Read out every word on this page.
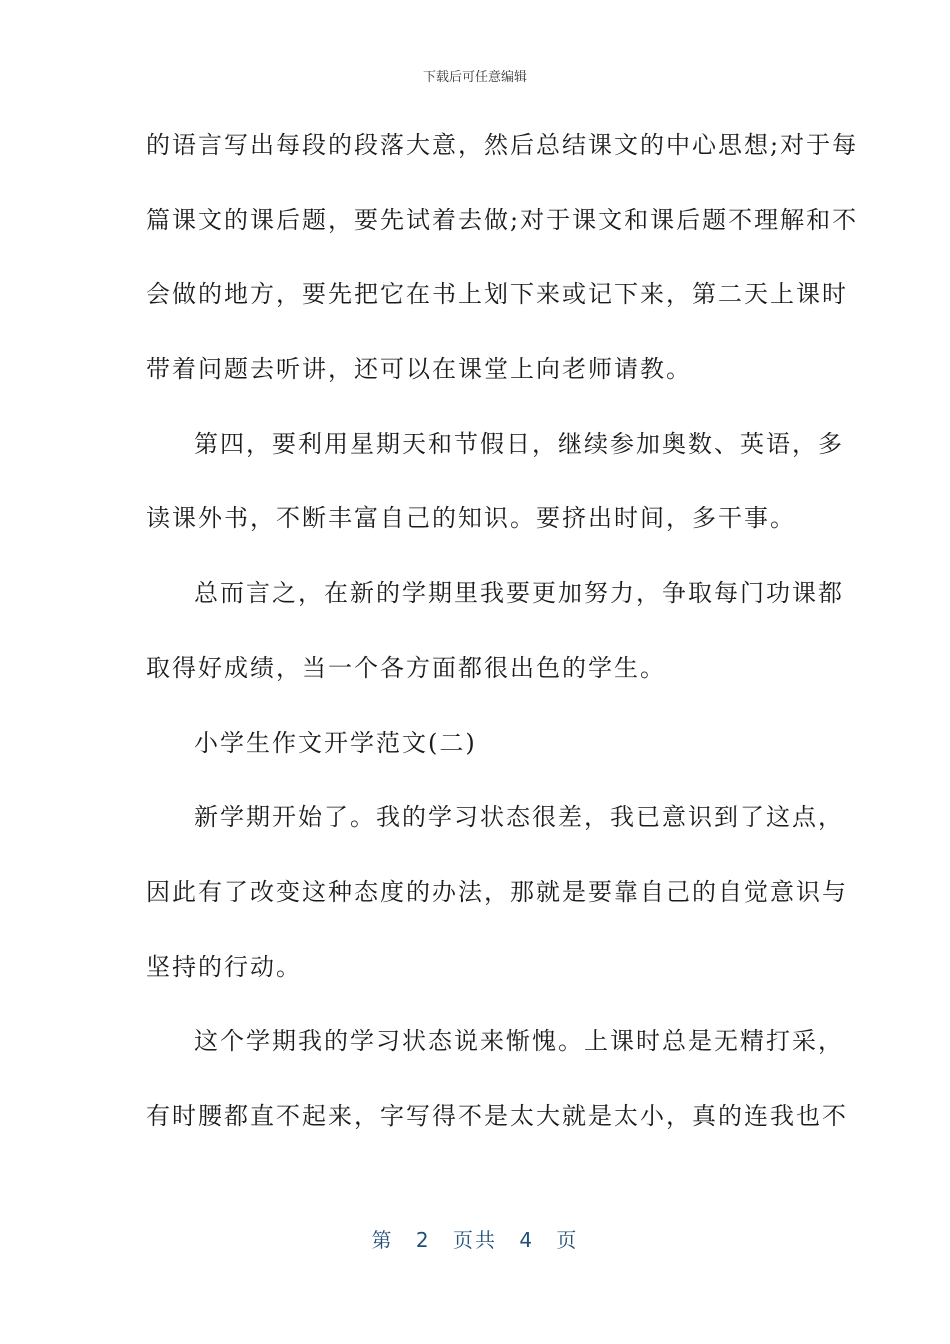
下载后可任意编辑
的语言写出每段的段落大意，然后总结课文的中心思想;对于每
篇课文的课后题，要先试着去做;对于课文和课后题不理解和不
会做的地方，要先把它在书上划下来或记下来，第二天上课时
带着问题去听讲，还可以在课堂上向老师请教。
第四，要利用星期天和节假日，继续参加奥数、英语，多
读课外书，不断丰富自己的知识。要挤出时间，多干事。
总而言之，在新的学期里我要更加努力，争取每门功课都
取得好成绩，当一个各方面都很出色的学生。
小学生作文开学范文(二)
新学期开始了。我的学习状态很差，我已意识到了这点，
因此有了改变这种态度的办法，那就是要靠自己的自觉意识与
坚持的行动。
这个学期我的学习状态说来惭愧。上课时总是无精打采，
有时腰都直不起来，字写得不是太大就是太小，真的连我也不
第 2 页共 4 页
